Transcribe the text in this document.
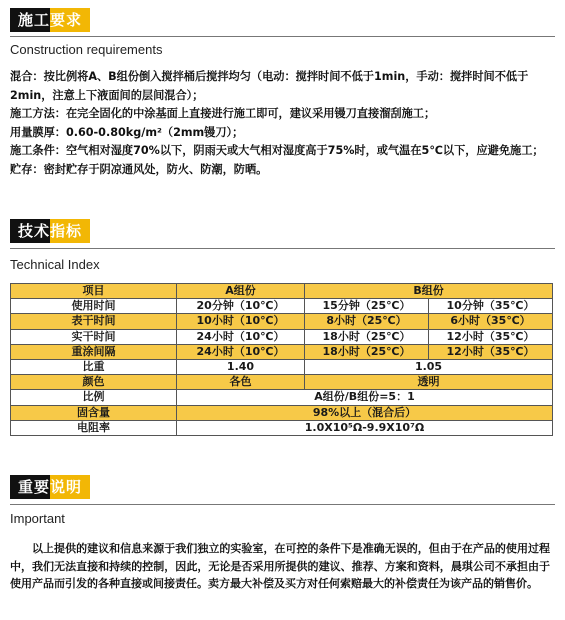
施工要求
Construction requirements

混合：按比例将A、B组份倒入搅拌桶后搅拌均匀（电动：搅拌时间不低于1min，手动：搅拌时间不低于2min，注意上下液面间的层间混合）；

施工方法：在完全固化的中涂基面上直接进行施工即可，建议采用镘刀直接溜刮施工；

用量膜厚：0.60-0.80kg/m²（2mm镘刀）；

施工条件：空气相对湿度70%以下，阴雨天或大气相对湿度高于75%时，或气温在5℃以下，应避免施工；

贮存：密封贮存于阴凉通风处，防火、防潮，防晒。

技术指标
Technical Index
项目	A组份	B组份	
使用时间	20分钟（10℃）	15分钟（25℃）	10分钟（35℃）
表干时间	10小时（10℃）	8小时（25℃）	6小时（35℃）
实干时间	24小时（10℃）	18小时（25℃）	12小时（35℃）
重涂间隔	24小时（10℃）	18小时（25℃）	12小时（35℃）
比重	1.40	1.05	
颜色	各色	透明	
比例	A组份/B组份=5：1		
固含量	98%以上（混合后）		
电阻率	1.0X10⁵Ω-9.9X10⁷Ω		
重要说明
Important
以上提供的建议和信息来源于我们独立的实验室，在可控的条件下是准确无误的，但由于在产品的使用过程中，我们无法直接和持续的控制，因此，无论是否采用所提供的建议、推荐、方案和资料，晨琪公司不承担由于使用产品而引发的各种直接或间接责任。卖方最大补偿及买方对任何索赔最大的补偿责任为该产品的销售价。
